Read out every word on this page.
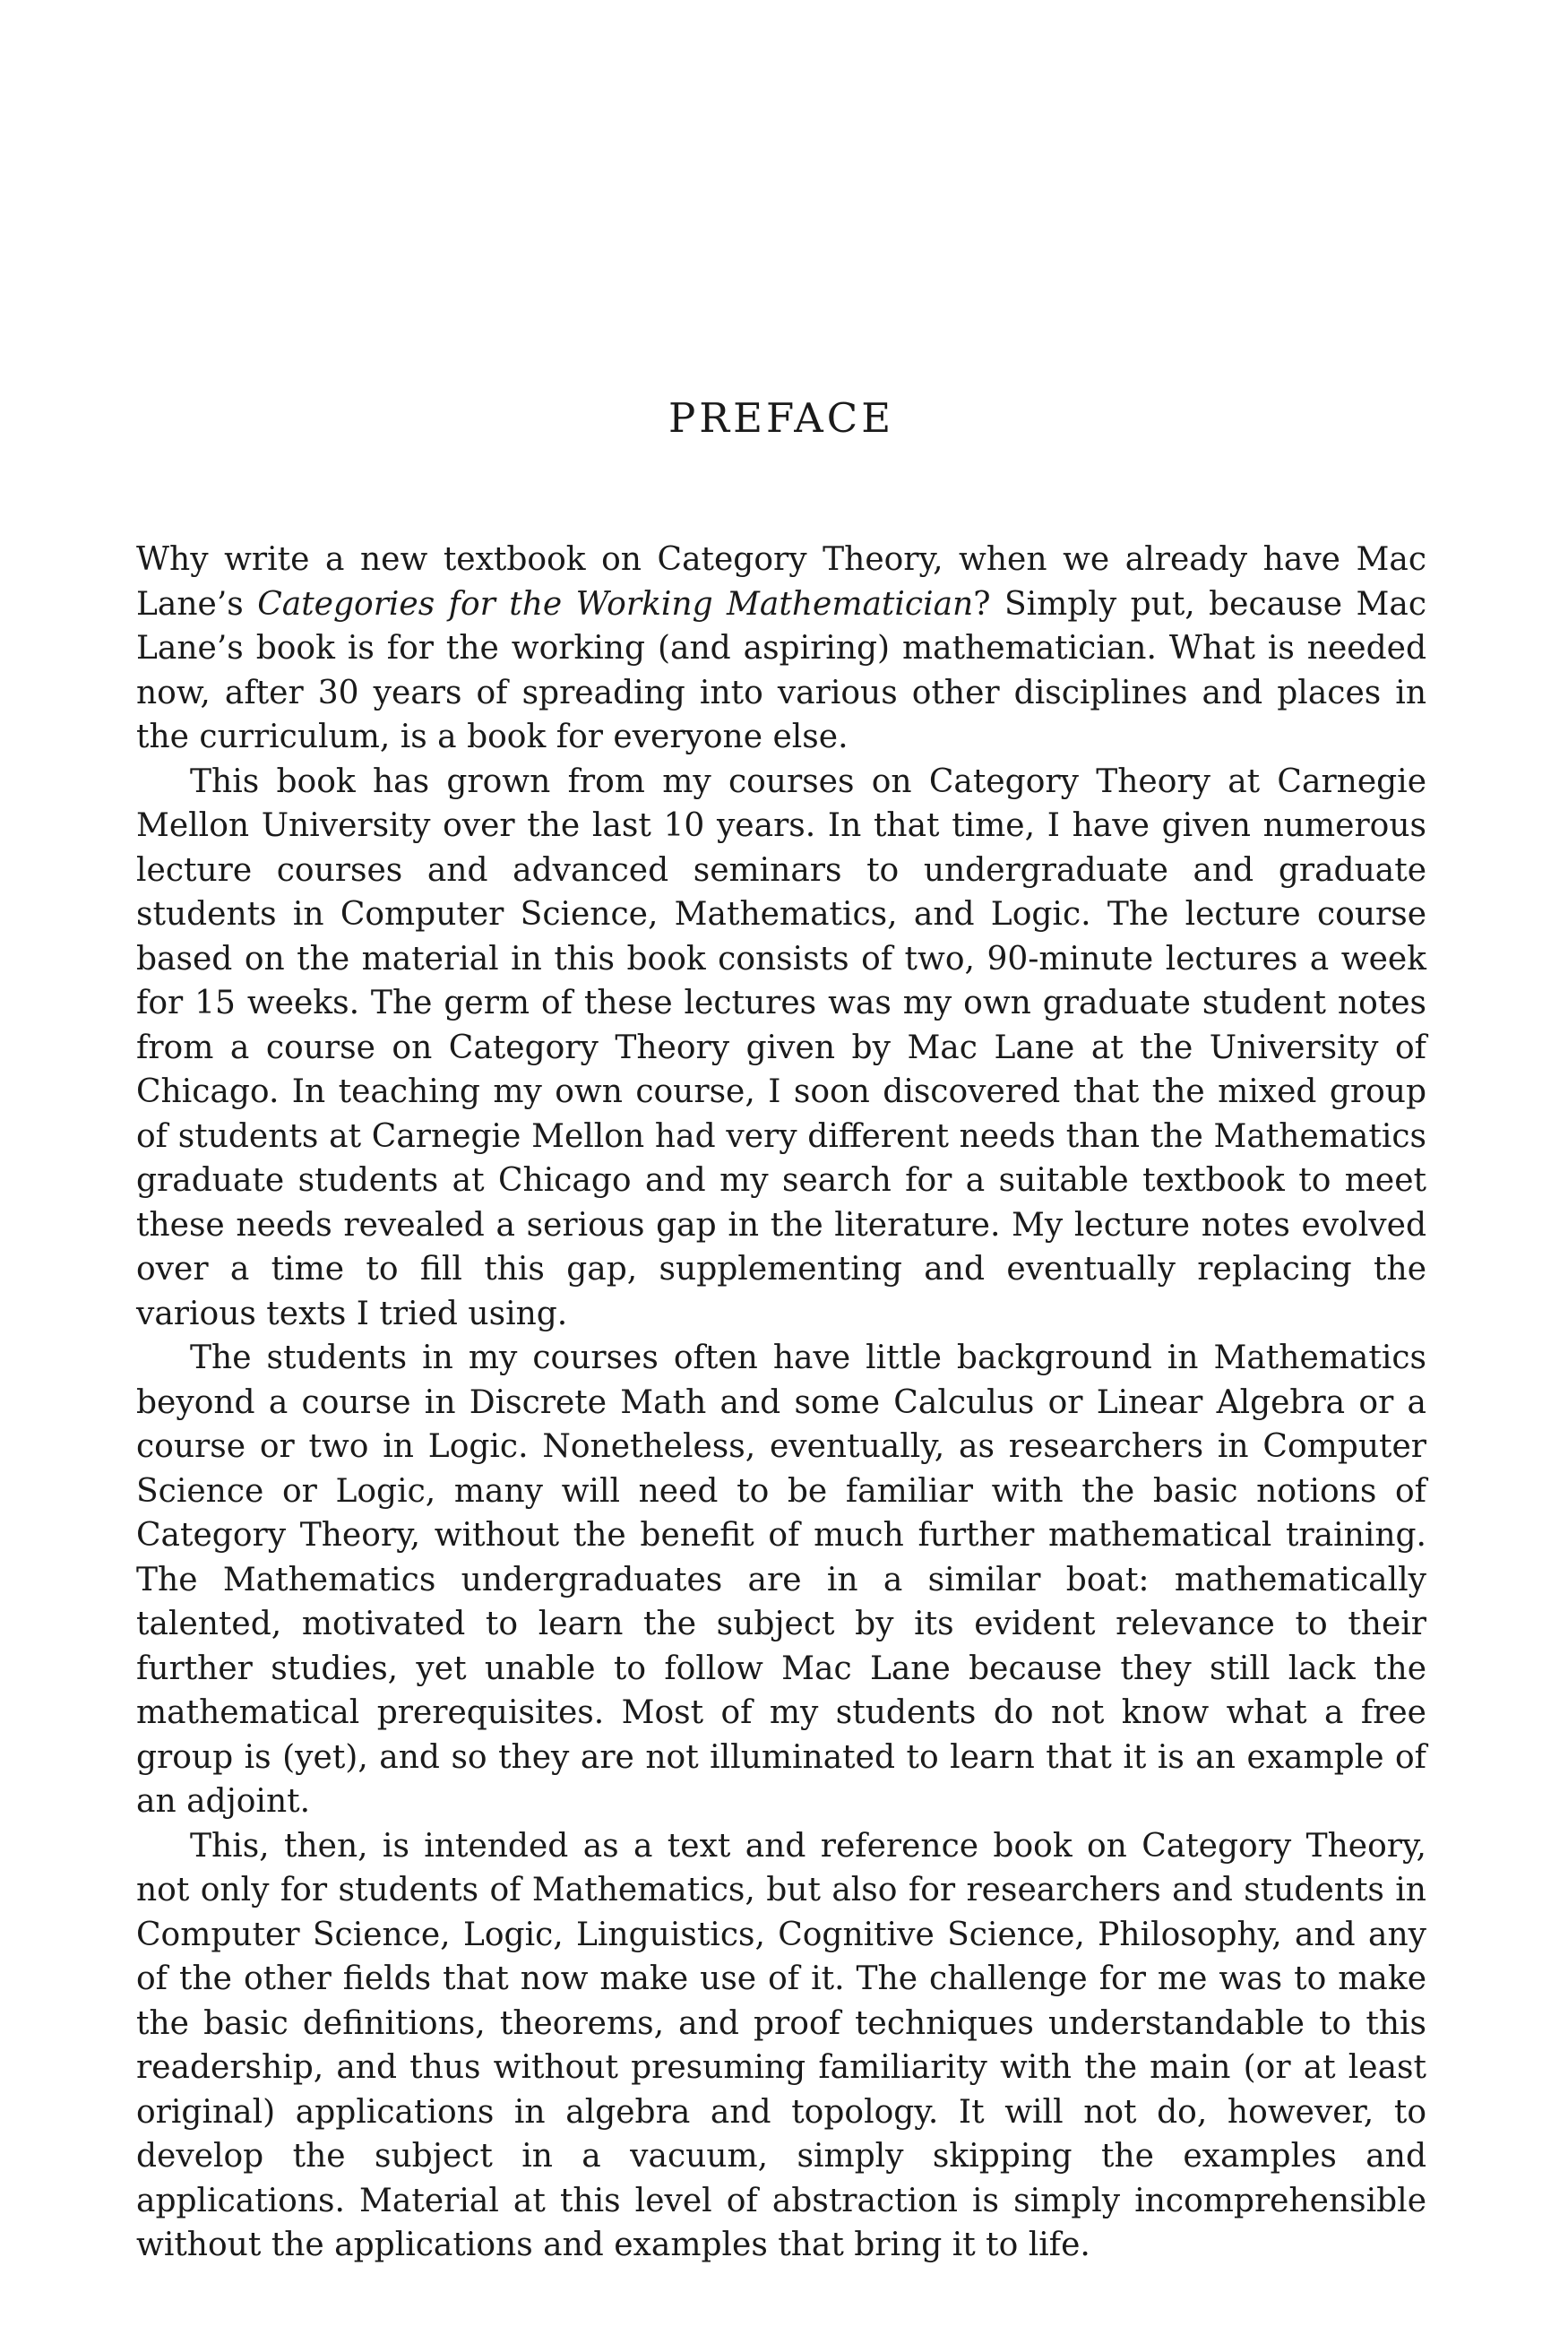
PREFACE

Why write a new textbook on Category Theory, when we already have Mac Lane’s Categories for the Working Mathematician? Simply put, because Mac Lane’s book is for the working (and aspiring) mathematician. What is needed now, after 30 years of spreading into various other disciplines and places in the curriculum, is a book for everyone else.

This book has grown from my courses on Category Theory at Carnegie Mellon University over the last 10 years. In that time, I have given numerous lecture courses and advanced seminars to undergraduate and graduate students in Computer Science, Mathematics, and Logic. The lecture course based on the material in this book consists of two, 90-minute lectures a week for 15 weeks. The germ of these lectures was my own graduate student notes from a course on Category Theory given by Mac Lane at the University of Chicago. In teaching my own course, I soon discovered that the mixed group of students at Carnegie Mellon had very different needs than the Mathematics graduate students at Chicago and my search for a suitable textbook to meet these needs revealed a serious gap in the literature. My lecture notes evolved over a time to fill this gap, supplementing and eventually replacing the various texts I tried using.

The students in my courses often have little background in Mathematics beyond a course in Discrete Math and some Calculus or Linear Algebra or a course or two in Logic. Nonetheless, eventually, as researchers in Computer Science or Logic, many will need to be familiar with the basic notions of Category Theory, without the benefit of much further mathematical training. The Mathematics undergraduates are in a similar boat: mathematically talented, motivated to learn the subject by its evident relevance to their further studies, yet unable to follow Mac Lane because they still lack the mathematical prerequisites. Most of my students do not know what a free group is (yet), and so they are not illuminated to learn that it is an example of an adjoint.

This, then, is intended as a text and reference book on Category Theory, not only for students of Mathematics, but also for researchers and students in Computer Science, Logic, Linguistics, Cognitive Science, Philosophy, and any of the other fields that now make use of it. The challenge for me was to make the basic definitions, theorems, and proof techniques understandable to this readership, and thus without presuming familiarity with the main (or at least original) applications in algebra and topology. It will not do, however, to develop the subject in a vacuum, simply skipping the examples and applications. Material at this level of abstraction is simply incomprehensible without the applications and examples that bring it to life.
